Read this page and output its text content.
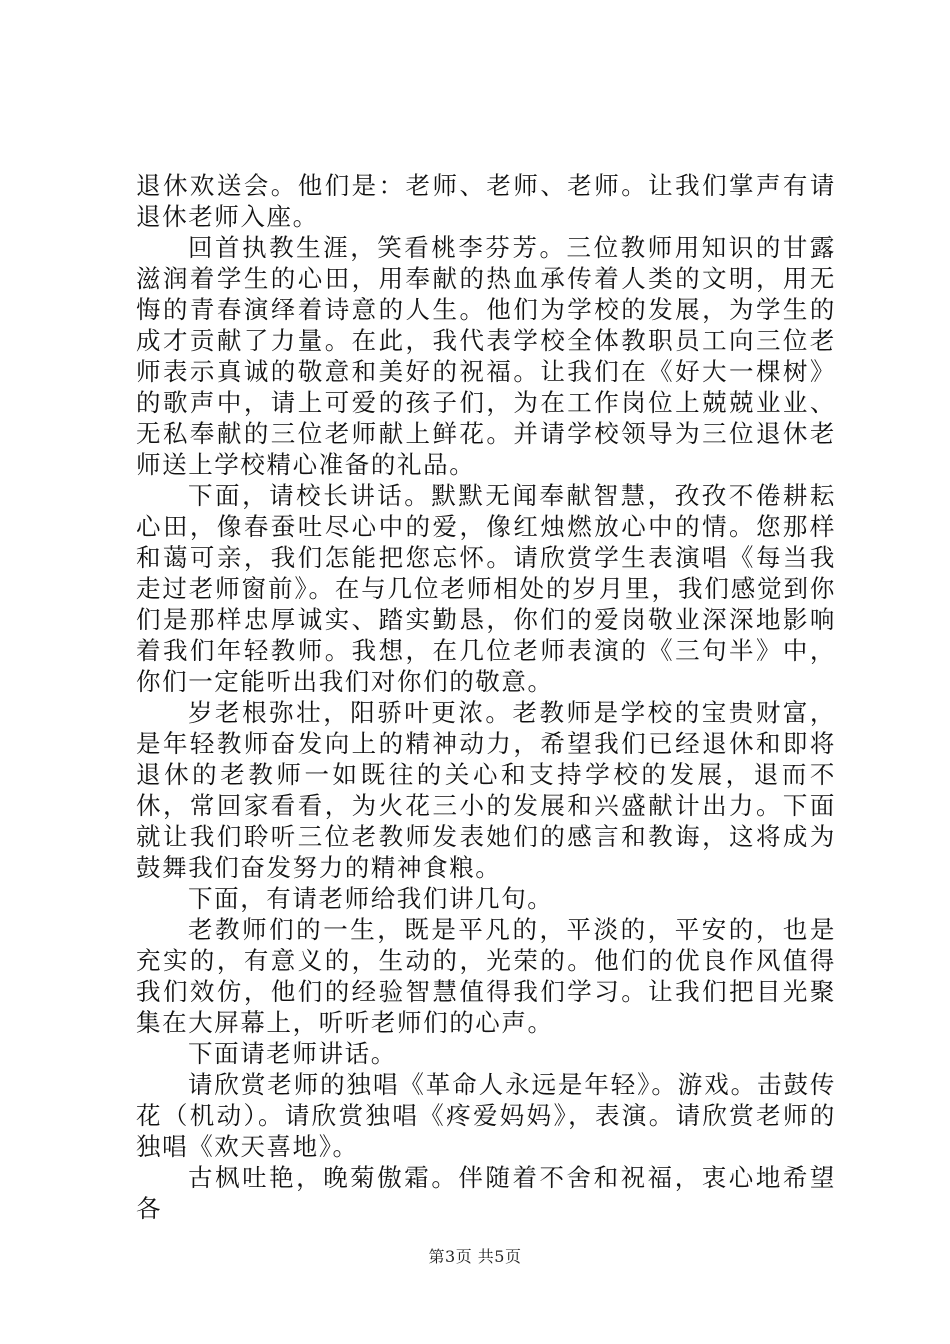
退休欢送会。他们是：老师、老师、老师。让我们掌声有请退休老师入座。

回首执教生涯，笑看桃李芬芳。三位教师用知识的甘露滋润着学生的心田，用奉献的热血承传着人类的文明，用无悔的青春演绎着诗意的人生。他们为学校的发展，为学生的成才贡献了力量。在此，我代表学校全体教职员工向三位老师表示真诚的敬意和美好的祝福。让我们在《好大一棵树》的歌声中，请上可爱的孩子们，为在工作岗位上兢兢业业、无私奉献的三位老师献上鲜花。并请学校领导为三位退休老师送上学校精心准备的礼品。

下面，请校长讲话。默默无闻奉献智慧，孜孜不倦耕耘心田，像春蚕吐尽心中的爱，像红烛燃放心中的情。您那样和蔼可亲，我们怎能把您忘怀。请欣赏学生表演唱《每当我走过老师窗前》。在与几位老师相处的岁月里，我们感觉到你们是那样忠厚诚实、踏实勤恳，你们的爱岗敬业深深地影响着我们年轻教师。我想，在几位老师表演的《三句半》中，你们一定能听出我们对你们的敬意。

岁老根弥壮，阳骄叶更浓。老教师是学校的宝贵财富，是年轻教师奋发向上的精神动力，希望我们已经退休和即将退休的老教师一如既往的关心和支持学校的发展，退而不休，常回家看看，为火花三小的发展和兴盛献计出力。下面就让我们聆听三位老教师发表她们的感言和教诲，这将成为鼓舞我们奋发努力的精神食粮。

下面，有请老师给我们讲几句。

老教师们的一生，既是平凡的，平淡的，平安的，也是充实的，有意义的，生动的，光荣的。他们的优良作风值得我们效仿，他们的经验智慧值得我们学习。让我们把目光聚集在大屏幕上，听听老师们的心声。

下面请老师讲话。

请欣赏老师的独唱《革命人永远是年轻》。游戏。击鼓传花（机动）。请欣赏独唱《疼爱妈妈》，表演。请欣赏老师的独唱《欢天喜地》。

古枫吐艳，晚菊傲霜。伴随着不舍和祝福，衷心地希望各

第3页 共5页
